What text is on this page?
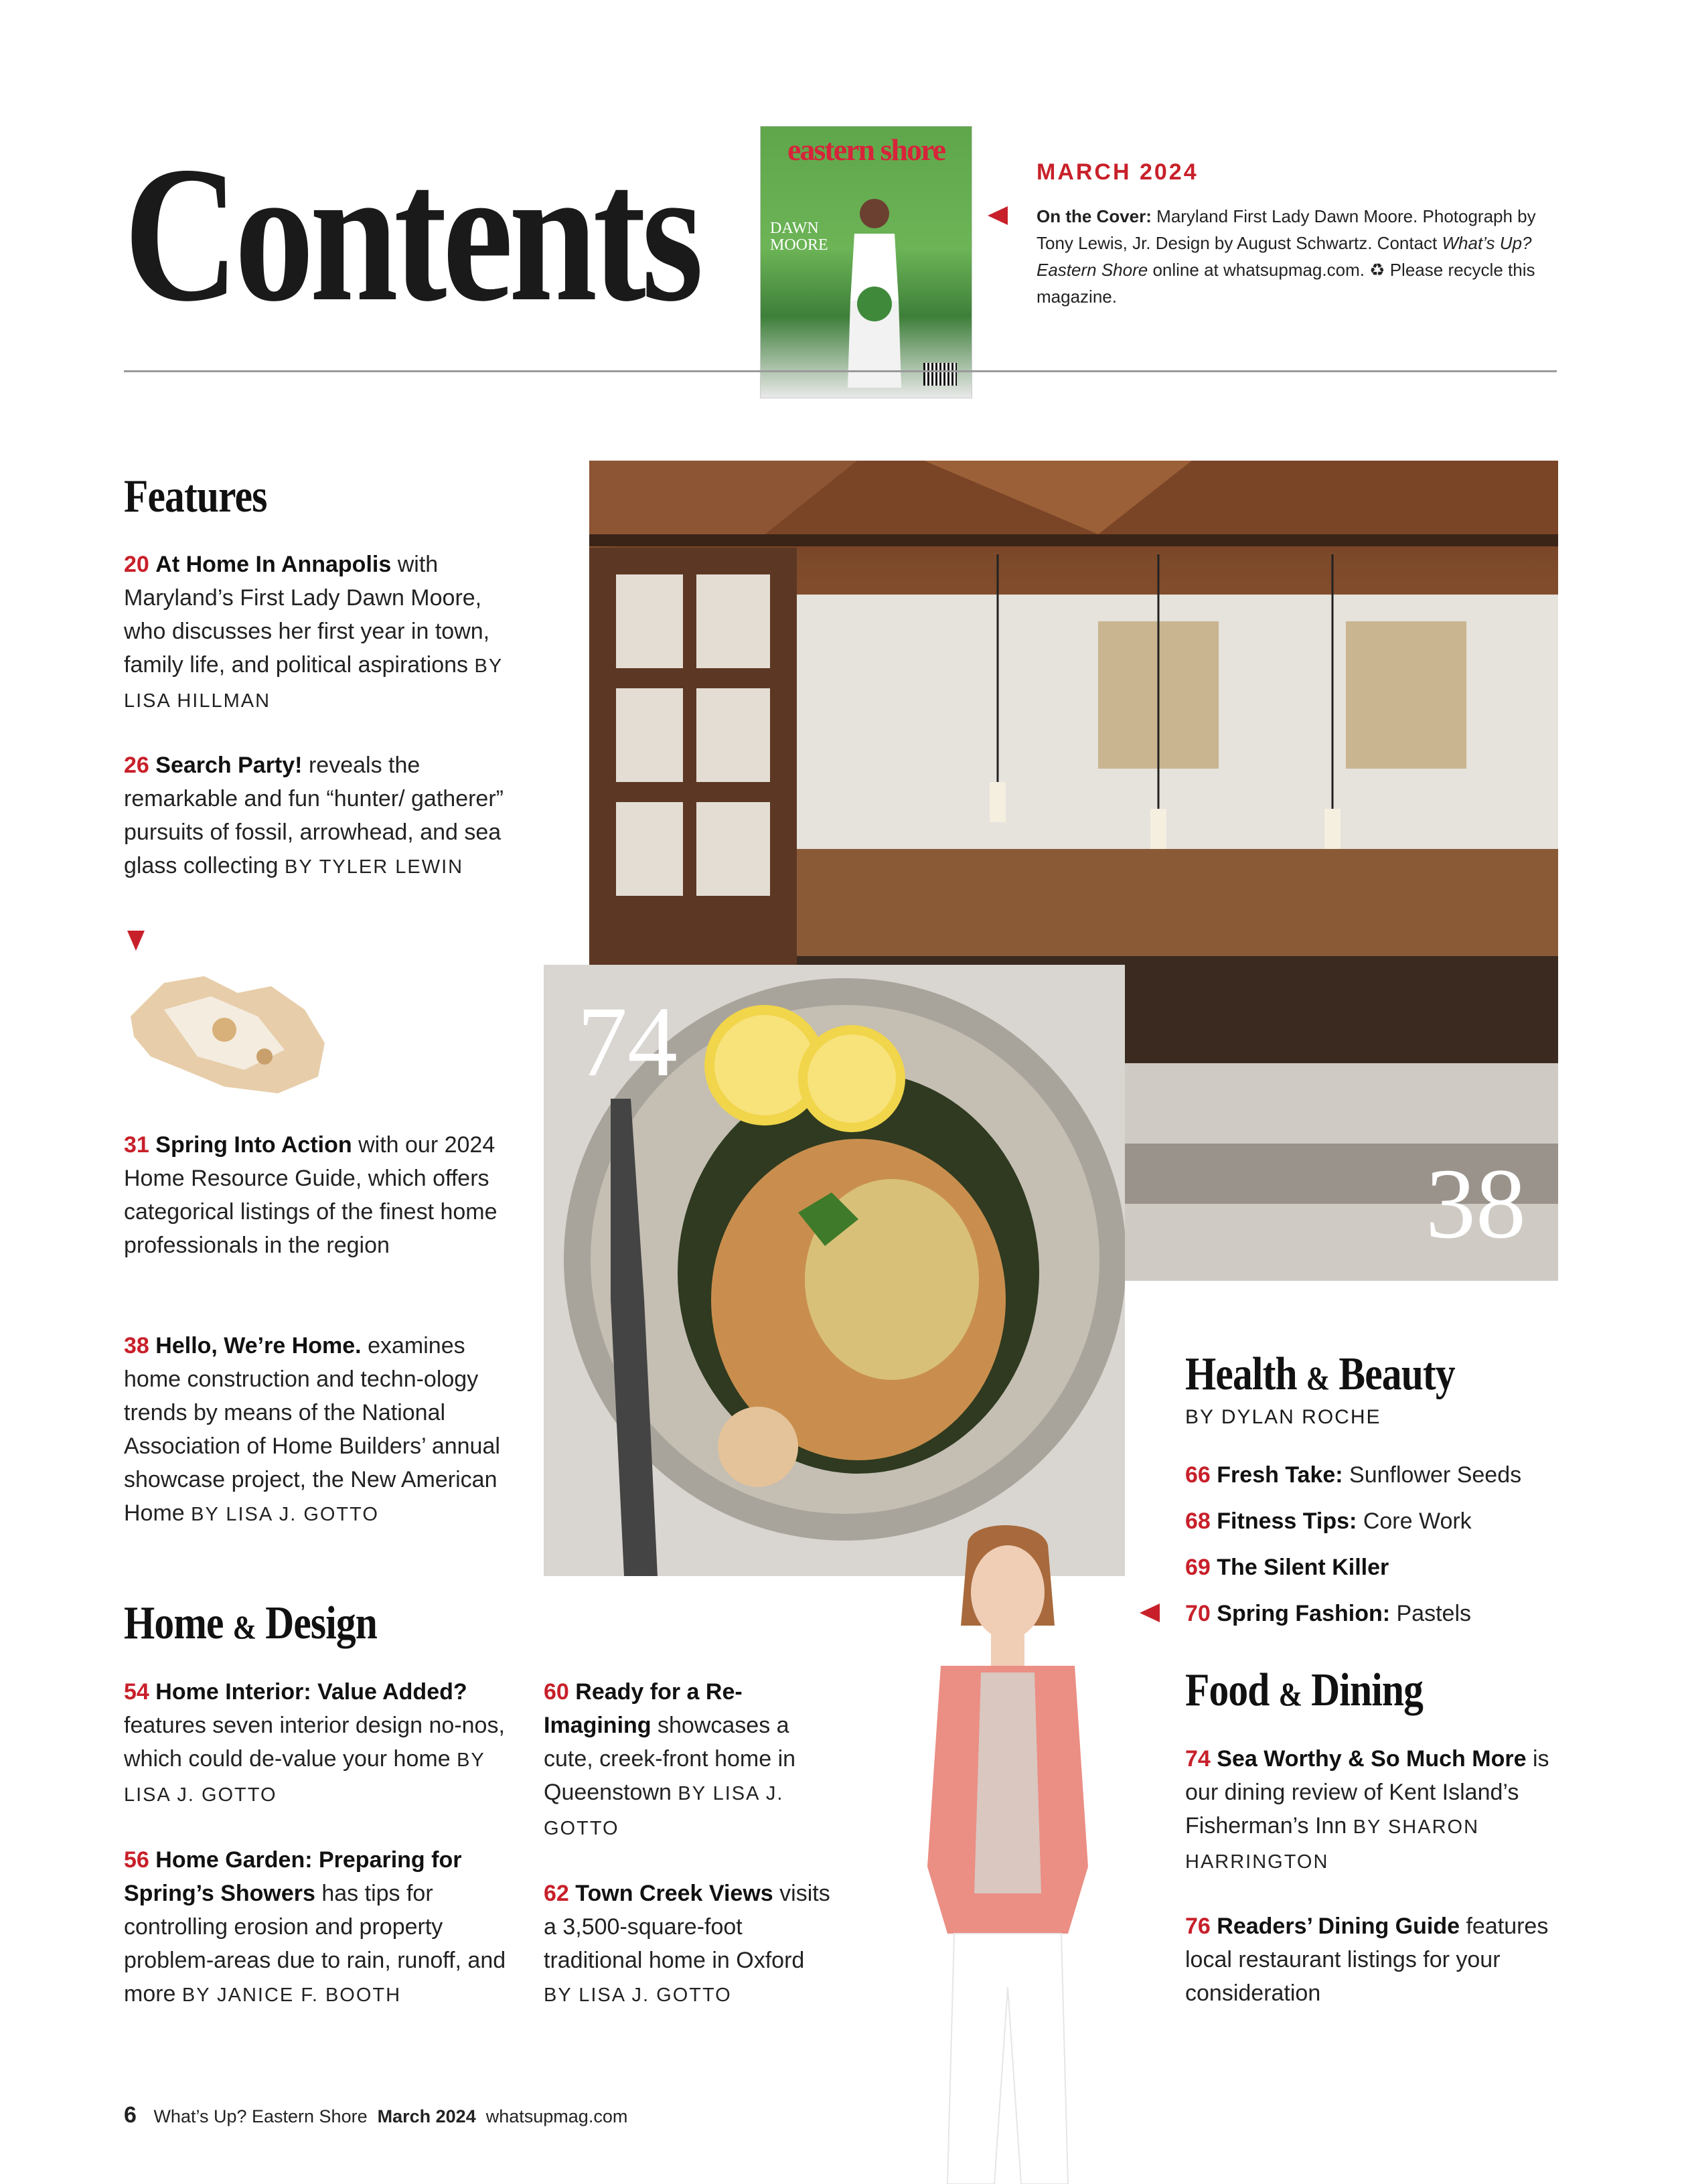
Contents	eastern shore
DAWN MOORE
MARCH 2024
On the Cover: Maryland First Lady Dawn Moore. Photograph by Tony Lewis, Jr. Design by August Schwartz. Contact What’s Up? Eastern Shore online at whatsupmag.com. ♻ Please recycle this magazine.
38
74
Features
20 At Home In Annapolis with Maryland’s First Lady Dawn Moore, who discusses her first year in town, family life, and political aspirations BY LISA HILLMAN
26 Search Party! reveals the remarkable and fun “hunter/ gatherer” pursuits of fossil, arrowhead, and sea glass collecting BY TYLER LEWIN
31 Spring Into Action with our 2024 Home Resource Guide, which offers categorical listings of the finest home professionals in the region
38 Hello, We’re Home. examines home construction and techn-ology trends by means of the National Association of Home Builders’ annual showcase project, the New American Home BY LISA J. GOTTO
Home & Design
54 Home Interior: Value Added? features seven interior design no-nos, which could de-value your home BY LISA J. GOTTO
56 Home Garden: Preparing for Spring’s Showers has tips for controlling erosion and property problem-areas due to rain, runoff, and more BY JANICE F. BOOTH
60 Ready for a Re-Imagining showcases a cute, creek-front home in Queenstown BY LISA J. GOTTO
62 Town Creek Views visits a 3,500-square-foot traditional home in Oxford BY LISA J. GOTTO
Health & Beauty
BY DYLAN ROCHE
66 Fresh Take: Sunflower Seeds
68 Fitness Tips: Core Work
69 The Silent Killer
70 Spring Fashion: Pastels
Food & Dining
74 Sea Worthy & So Much More is our dining review of Kent Island’s Fisherman’s Inn BY SHARON HARRINGTON
76 Readers’ Dining Guide features local restaurant listings for your consideration
6 What’s Up? Eastern Shore March 2024 whatsupmag.com
